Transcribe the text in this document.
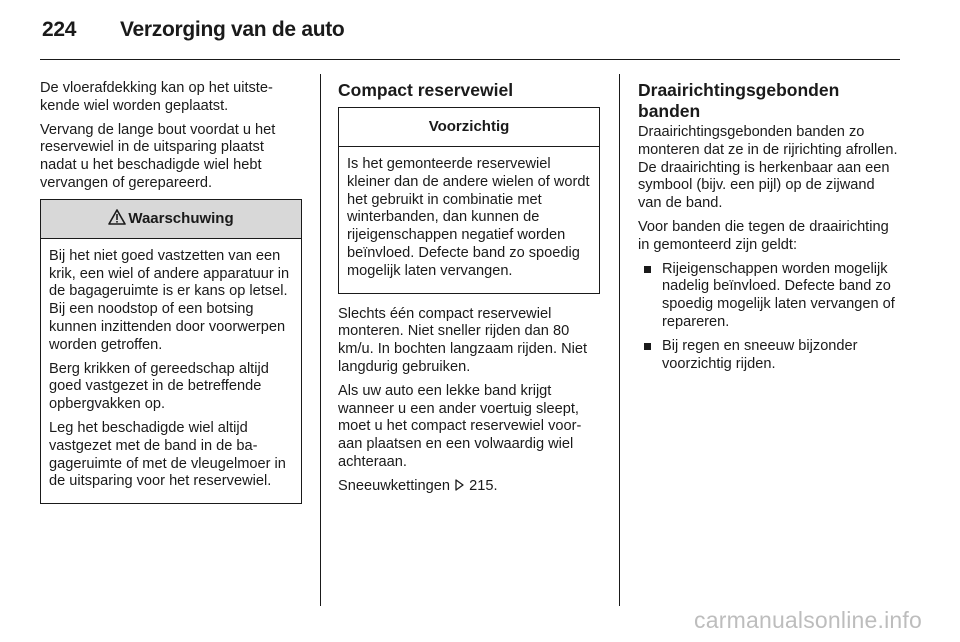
224 Verzorging van de auto

De vloerafdekking kan op het uitstekende wiel worden geplaatst.

Vervang de lange bout voordat u het reservewiel in de uitsparing plaatst nadat u het beschadigde wiel hebt vervangen of gerepareerd.

Waarschuwing

Bij het niet goed vastzetten van een krik, een wiel of andere apparatuur in de bagageruimte is er kans op letsel. Bij een noodstop of een botsing kunnen inzittenden door voorwerpen worden getroffen.

Berg krikken of gereedschap altijd goed vastgezet in de betreffende opbergvakken op.

Leg het beschadigde wiel altijd vastgezet met de band in de bagageruimte of met de vleugelmoer in de uitsparing voor het reservewiel.

Compact reservewiel
Voorzichtig

Is het gemonteerde reservewiel kleiner dan de andere wielen of wordt het gebruikt in combinatie met winterbanden, dan kunnen de rijeigenschappen negatief worden beïnvloed. Defecte band zo spoedig mogelijk laten vervangen.

Slechts één compact reservewiel monteren. Niet sneller rijden dan 80 km/u. In bochten langzaam rijden. Niet langdurig gebruiken.

Als uw auto een lekke band krijgt wanneer u een ander voertuig sleept, moet u het compact reservewiel vooraan plaatsen en een volwaardig wiel achteraan.

Sneeuwkettingen 215.

Draairichtingsgebonden banden

Draairichtingsgebonden banden zo monteren dat ze in de rijrichting afrollen. De draairichting is herkenbaar aan een symbool (bijv. een pijl) op de zijwand van de band.

Voor banden die tegen de draairichting in gemonteerd zijn geldt:

Rijeigenschappen worden mogelijk nadelig beïnvloed. Defecte band zo spoedig mogelijk laten vervangen of repareren.
Bij regen en sneeuw bijzonder voorzichtig rijden.
carmanualsonline.info
